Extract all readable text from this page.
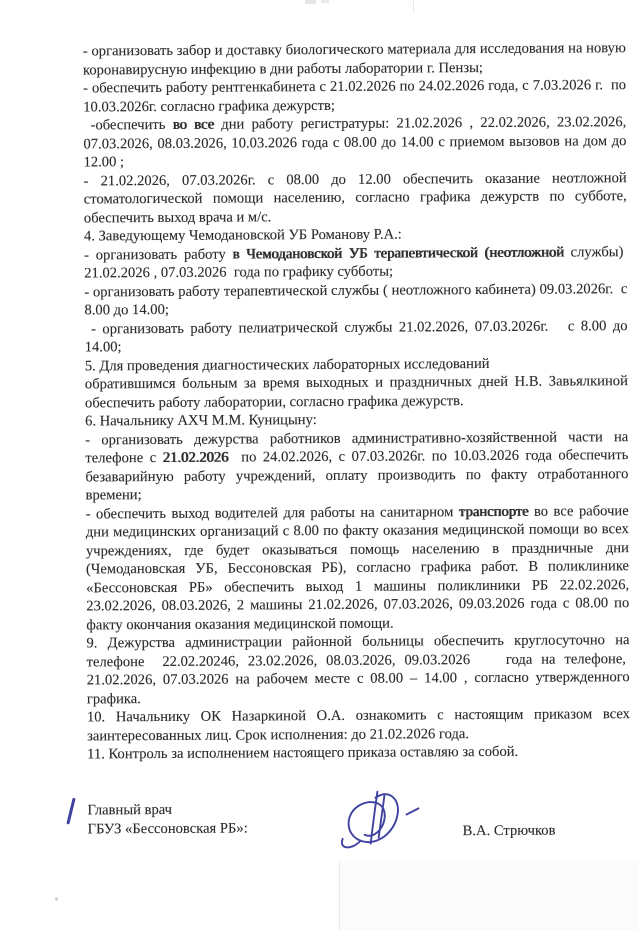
- организовать забор и доставку биологического материала для исследования на новую коронавирусную инфекцию в дни работы лаборатории г. Пензы;

- обеспечить работу рентгенкабинета с 21.02.2026 по 24.02.2026 года, с 7.03.2026 г.  по 10.03.2026г. согласно графика дежурств;

-обеспечить во все дни работу регистратуры: 21.02.2026 , 22.02.2026, 23.02.2026, 07.03.2026, 08.03.2026, 10.03.2026 года с 08.00 до 14.00 с приемом вызовов на дом до 12.00 ;

- 21.02.2026, 07.03.2026г. с 08.00 до 12.00 обеспечить оказание неотложной стоматологической помощи населению, согласно графика дежурств по субботе, обеспечить выход врача и м/с.

4. Заведующему Чемодановской УБ Романову Р.А.:

- организовать работу в Чемодановской УБ терапевтической (неотложной службы)  21.02.2026 , 07.03.2026  года по графику субботы;

- организовать работу терапевтической службы ( неотложного кабинета) 09.03.2026г.  с 8.00 до 14.00;

- организовать работу пелиатрической службы 21.02.2026, 07.03.2026г.   с 8.00 до 14.00;

5. Для проведения диагностических лабораторных исследований

обратившимся больным за время выходных и праздничных дней Н.В. Завьялкиной обеспечить работу лаборатории, согласно графика дежурств.

6. Начальнику АХЧ М.М. Куницыну:

- организовать дежурства работников административно-хозяйственной части на телефоне с 21.02.2026  по 24.02.2026, с 07.03.2026г. по 10.03.2026 года обеспечить безаварийную работу учреждений, оплату производить по факту отработанного времени;

- обеспечить выход водителей для работы на санитарном транспорте во все рабочие дни медицинских организаций с 8.00 по факту оказания медицинской помощи во всех учреждениях, где будет оказываться помощь населению в праздничные дни (Чемодановская УБ, Бессоновская РБ), согласно графика работ. В поликлинике «Бессоновская РБ» обеспечить выход 1 машины поликлиники РБ 22.02.2026, 23.02.2026, 08.03.2026, 2 машины 21.02.2026, 07.03.2026, 09.03.2026 года с 08.00 по факту окончания оказания медицинской помощи.

9. Дежурства администрации районной больницы обеспечить круглосуточно на телефоне  22.02.20246, 23.02.2026, 08.03.2026, 09.03.2026    года на телефоне,  21.02.2026, 07.03.2026 на рабочем месте с 08.00 – 14.00 , согласно утвержденного графика.

10. Начальнику ОК Назаркиной О.А. ознакомить с настоящим приказом всех заинтересованных лиц. Срок исполнения: до 21.02.2026 года.

11. Контроль за исполнением настоящего приказа оставляю за собой.

Главный врач
ГБУЗ «Бессоновская РБ»:	В.А. Стрючков
